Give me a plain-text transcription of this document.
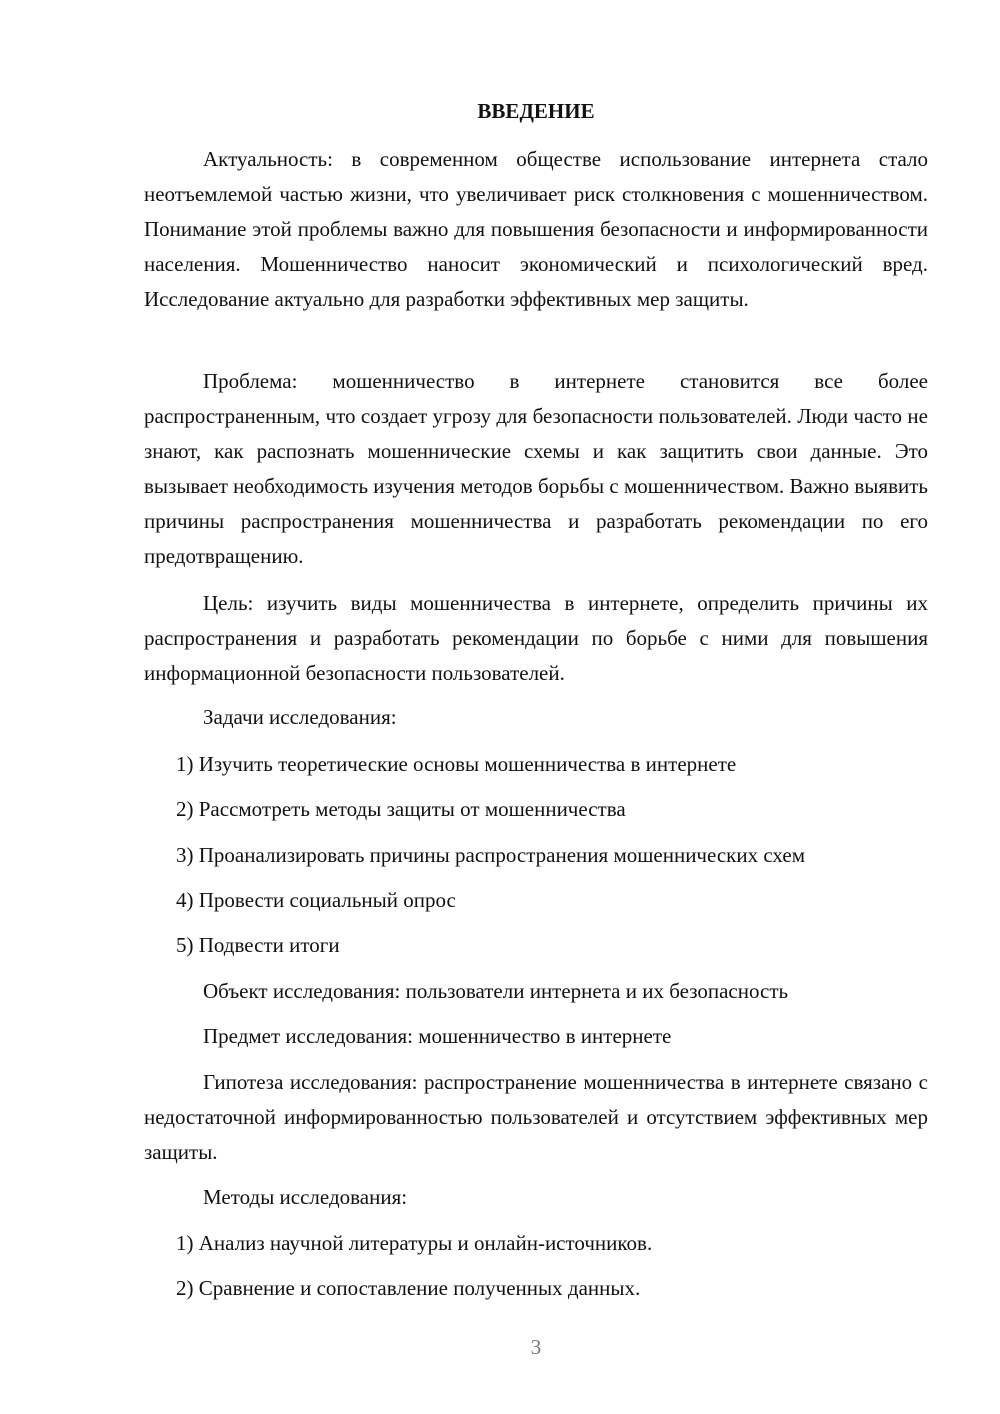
ВВЕДЕНИЕ

Актуальность: в современном обществе использование интернета стало неотъемлемой частью жизни, что увеличивает риск столкновения с мошенничеством. Понимание этой проблемы важно для повышения безопасности и информированности населения. Мошенничество наносит экономический и психологический вред. Исследование актуально для разработки эффективных мер защиты.

Проблема: мошенничество в интернете становится все более распространенным, что создает угрозу для безопасности пользователей. Люди часто не знают, как распознать мошеннические схемы и как защитить свои данные. Это вызывает необходимость изучения методов борьбы с мошенничеством. Важно выявить причины распространения мошенничества и разработать рекомендации по его предотвращению.

Цель: изучить виды мошенничества в интернете, определить причины их распространения и разработать рекомендации по борьбе с ними для повышения информационной безопасности пользователей.

Задачи исследования:

1) Изучить теоретические основы мошенничества в интернете

2) Рассмотреть методы защиты от мошенничества

3) Проанализировать причины распространения мошеннических схем

4) Провести социальный опрос

5) Подвести итоги

Объект исследования: пользователи интернета и их безопасность

Предмет исследования: мошенничество в интернете

Гипотеза исследования: распространение мошенничества в интернете связано с недостаточной информированностью пользователей и отсутствием эффективных мер защиты.

Методы исследования:

1) Анализ научной литературы и онлайн-источников.

2) Сравнение и сопоставление полученных данных.

3
